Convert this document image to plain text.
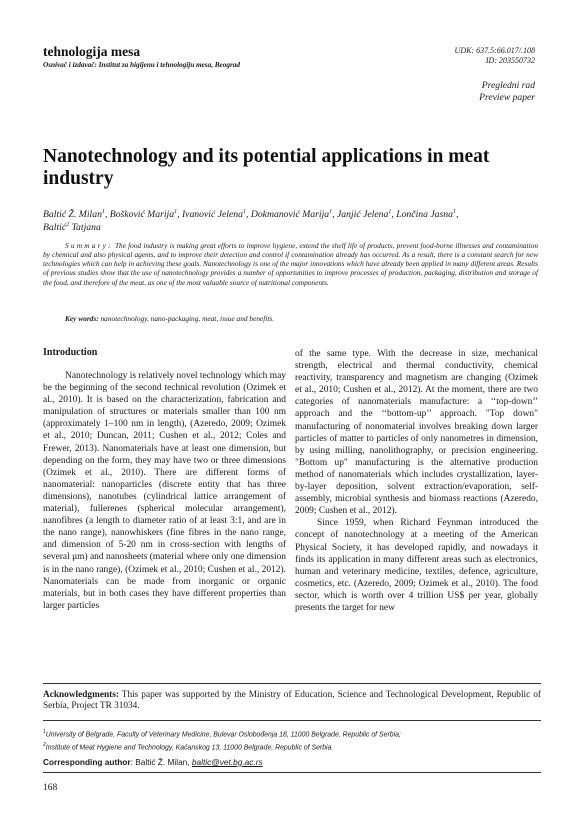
tehnologija mesa
Osnivač i izdavač: Institut za higijenu i tehnologiju mesa, Beograd
UDK: 637.5:66.017/.108
ID: 203550732
Pregledni rad
Preview paper
Nanotechnology and its potential applications in meat industry
Baltić Ž. Milan$^1$, Bošković Marija$^1$, Ivanović Jelena$^1$, Dokmanović Marija$^1$, Janjić Jelena$^1$, Lončina Jasna$^1$,
Baltić$^2$ Tatjana
Summary: The food industry is making great efforts to improve hygiene, extend the shelf life of products, prevent food-borne illnesses and contamination by chemical and also physical agents, and to improve their detection and control if contamination already has occurred. As a result, there is a constant search for new technologies which can help in achieving these goals. Nanotechnology is one of the major innovations which have already been applied in many different areas. Results of previous studies show that the use of nanotechnology provides a number of opportunities to improve processes of production, packaging, distribution and storage of the food, and therefore of the meat, as one of the most valuable source of nutritional components.
Key words: nanotechnology, nano-packaging, meat, issue and benefits.
Introduction

Nanotechnology is relatively novel technology which may be the beginning of the second technical revolution (Ozimek et al., 2010). It is based on the characterization, fabrication and manipulation of structures or materials smaller than 100 nm (approximately 1–100 nm in length), (Azeredo, 2009; Ozimek et al., 2010; Duncan, 2011; Cushen et al., 2012; Coles and Frewer, 2013). Nanomaterials have at least one dimension, but depending on the form, they may have two or three dimensions (Ozimek et al., 2010). There are different forms of nanomaterial: nanoparticles (discrete entity that has three dimensions), nanotubes (cylindrical lattice arrangement of material), fullerenes (spherical molecular arrangement), nanofibres (a length to diameter ratio of at least 3:1, and are in the nano range), nanowhiskers (fine fibres in the nano range, and dimension of 5-20 nm in cross-section with lengths of several μm) and nanosheets (material where only one dimension is in the nano range), (Ozimek et al., 2010; Cushen et al., 2012). Nanomaterials can be made from inorganic or organic materials, but in both cases they have different properties than larger particles

of the same type. With the decrease in size, mechanical strength, electrical and thermal conductivity, chemical reactivity, transparency and magnetism are changing (Ozimek et al., 2010; Cushen et al., 2012). At the moment, there are two categories of nanomaterials manufacture: a ‘‘top-down’’ approach and the ‘‘bottom-up’’ approach. "Top down" manufacturing of nonomaterial involves breaking down larger particles of matter to particles of only nanometres in dimension, by using milling, nanolithography, or precision engineering. "Bottom up" manufacturing is the alternative production method of nanomaterials which includes crystallization, layer-by-layer deposition, solvent extraction/evaporation, self-assembly, microbial synthesis and biomass reactions (Azeredo, 2009; Cushen et al., 2012).

Since 1959, when Richard Feynman introduced the concept of nanotechnology at a meeting of the American Physical Society, it has developed rapidly, and nowadays it finds its application in many different areas such as electronics, human and veterinary medicine, textiles, defence, agriculture, cosmetics, etc. (Azeredo, 2009; Ozimek et al., 2010). The food sector, which is worth over 4 trillion US$ per year, globally presents the target for new

Acknowledgments: This paper was supported by the Ministry of Education, Science and Technological Development, Republic of Serbia, Project TR 31034.
$^1$University of Belgrade, Faculty of Veterinary Medicine, Bulevar Oslobođenja 18, 11000 Belgrade, Republic of Serbia;
$^2$Institute of Meat Hygiene and Technology, Kaćanskog 13, 11000 Belgrade, Republic of Serbia.
Corresponding author: Baltić Ž. Milan, baltic@vet.bg.ac.rs
168
